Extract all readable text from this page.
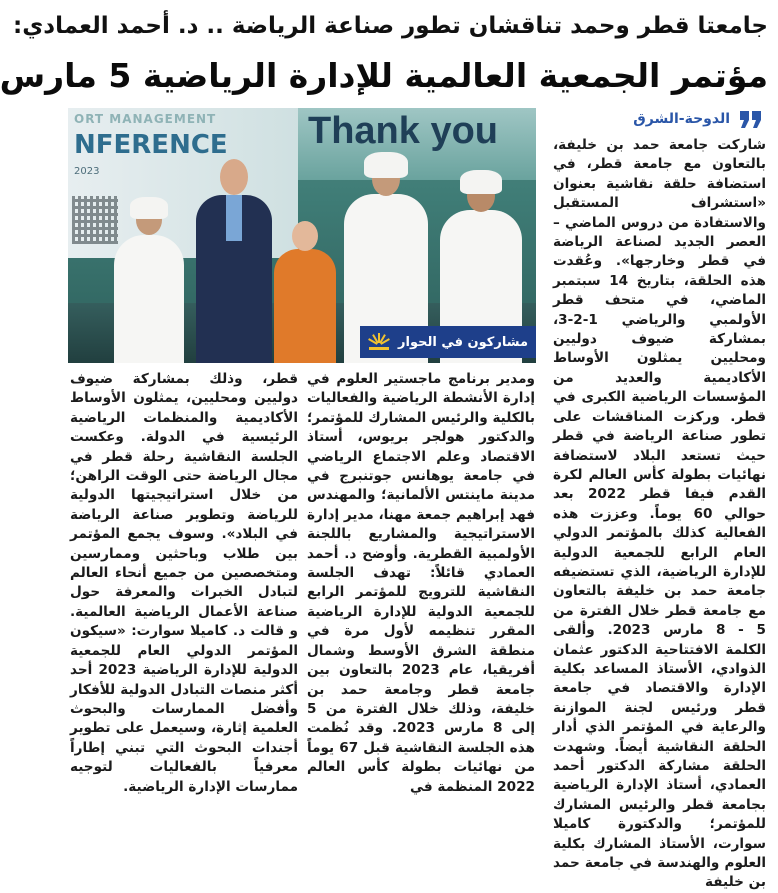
جامعتا قطر وحمد تناقشان تطور صناعة الرياضة .. د. أحمد العمادي:
مؤتمر الجمعية العالمية للإدارة الرياضية 5 مارس
الدوحة-الشرق

شاركت جامعة حمد بن خليفة، بالتعاون مع جامعة قطر، في استضافة حلقة نقاشية بعنوان «استشراف المستقبل والاستفادة من دروس الماضي – العصر الجديد لصناعة الرياضة في قطر وخارجها». وعُقدت هذه الحلقة، بتاريخ 14 سبتمبر الماضي، في متحف قطر الأولمبي والرياضي 1-2-3، بمشاركة ضيوف دوليين ومحليين يمثلون الأوساط الأكاديمية والعديد من المؤسسات الرياضية الكبرى في قطر. وركزت المناقشات على تطور صناعة الرياضة في قطر حيث تستعد البلاد لاستضافة نهائيات بطولة كأس العالم لكرة القدم فيفا قطر 2022 بعد حوالي 60 يوماً. وعززت هذه الفعالية كذلك بالمؤتمر الدولي العام الرابع للجمعية الدولية للإدارة الرياضية، الذي تستضيفه جامعة حمد بن خليفة بالتعاون مع جامعة قطر خلال الفترة من 5 - 8 مارس 2023. وألقى الكلمة الافتتاحية الدكتور عثمان الذوادي، الأستاذ المساعد بكلية الإدارة والاقتصاد في جامعة قطر ورئيس لجنة الموازنة والرعاية في المؤتمر الذي أدار الحلقة النقاشية أيضاً. وشهدت الحلقة مشاركة الدكتور أحمد العمادي، أستاذ الإدارة الرياضية بجامعة قطر والرئيس المشارك للمؤتمر؛ والدكتورة كاميلا سوارت، الأستاذ المشارك بكلية العلوم والهندسة في جامعة حمد بن خليفة

ORT MANAGEMENT
NFERENCE
2023
Thank you
مشاركون في الحوار

ومدير برنامج ماجستير العلوم في إدارة الأنشطة الرياضية والفعاليات بالكلية والرئيس المشارك للمؤتمر؛ والدكتور هولجر بريوس، أستاذ الاقتصاد وعلم الاجتماع الرياضي في جامعة يوهانس جوتنبرج في مدينة ماينتس الألمانية؛ والمهندس فهد إبراهيم جمعة مهنا، مدير إدارة الاستراتيجية والمشاريع باللجنة الأولمبية القطرية. وأوضح د. أحمد العمادي قائلاً: تهدف الجلسة النقاشية للترويج للمؤتمر الرابع للجمعية الدولية للإدارة الرياضية المقرر تنظيمه لأول مرة في منطقة الشرق الأوسط وشمال أفريقيا، عام 2023 بالتعاون بين جامعة قطر وجامعة حمد بن خليفة، وذلك خلال الفترة من 5 إلى 8 مارس 2023. وقد نُظمت هذه الجلسة النقاشية قبل 67 يوماً من نهائيات بطولة كأس العالم 2022 المنظمة في

قطر، وذلك بمشاركة ضيوف دوليين ومحليين، يمثلون الأوساط الأكاديمية والمنظمات الرياضية الرئيسية في الدولة. وعكست الجلسة النقاشية رحلة قطر في مجال الرياضة حتى الوقت الراهن؛ من خلال استراتيجيتها الدولية للرياضة وتطوير صناعة الرياضة في البلاد». وسوف يجمع المؤتمر بين طلاب وباحثين وممارسين ومتخصصين من جميع أنحاء العالم لتبادل الخبرات والمعرفة حول صناعة الأعمال الرياضية العالمية. و قالت د. كاميلا سوارت: «سيكون المؤتمر الدولي العام للجمعية الدولية للإدارة الرياضية 2023 أحد أكثر منصات التبادل الدولية للأفكار وأفضل الممارسات والبحوث العلمية إثارة، وسيعمل على تطوير أجندات البحوث التي تبني إطاراً معرفياً بالفعاليات لتوجيه ممارسات الإدارة الرياضية.
